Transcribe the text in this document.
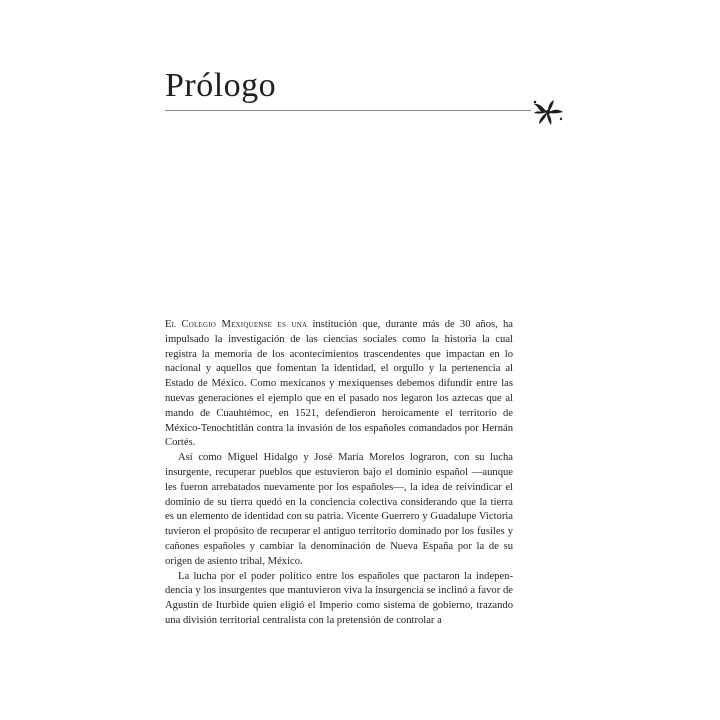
Prólogo

El Colegio Mexiquense es una institución que, durante más de 30 años, ha impulsado la investigación de las ciencias sociales como la historia la cual registra la memoria de los acontecimientos trascendentes que impactan en lo nacional y aquellos que fomentan la identidad, el orgullo y la pertenencia al Estado de México. Como mexicanos y mexiquenses debemos difundir entre las nuevas generaciones el ejemplo que en el pasado nos legaron los aztecas que al mando de Cuauhtémoc, en 1521, defendieron heroicamente el territorio de México-Tenochtitlán contra la invasión de los españoles comandados por Hernán Cortés.

Así como Miguel Hidalgo y José María Morelos lograron, con su lucha insurgente, recuperar pueblos que estuvieron bajo el dominio español —aunque les fueron arrebatados nuevamente por los españoles—, la idea de reivindicar el dominio de su tierra quedó en la conciencia colectiva considerando que la tierra es un elemento de identidad con su patria. Vicente Guerrero y Guadalupe Victoria tuvieron el propósito de recuperar el antiguo territorio dominado por los fusiles y cañones españoles y cambiar la denominación de Nueva España por la de su origen de asiento tribal, México.

La lucha por el poder político entre los españoles que pactaron la independencia y los insurgentes que mantuvieron viva la insurgencia se inclinó a favor de Agustín de Iturbide quien eligió el Imperio como sistema de gobierno, trazando una división territorial centralista con la pretensión de controlar a
